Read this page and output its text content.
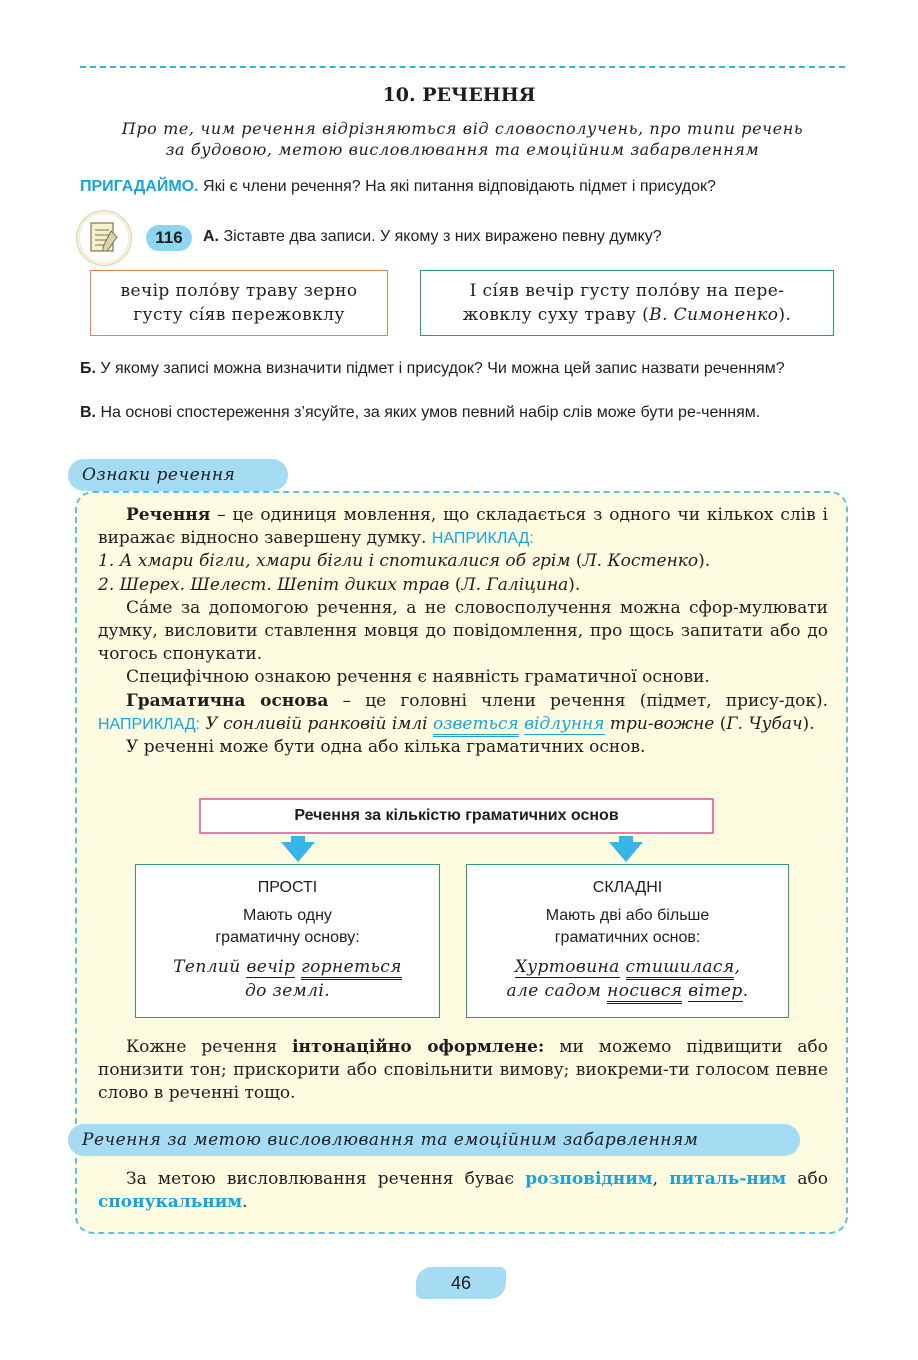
10. РЕЧЕННЯ
Про те, чим речення відрізняються від словосполучень, про типи речень
за будовою, метою висловлювання та емоційним забарвленням
ПРИГАДАЙМО. Які є члени речення? На які питання відповідають підмет і присудок?
116	А. Зіставте два записи. У якому з них виражено певну думку?
вечір поло́ву траву зерно
густу сі́яв пережовклу
І сі́яв вечір густу поло́ву на пере-
жовклу суху траву (В. Симоненко).
Б. У якому записі можна визначити підмет і присудок? Чи можна цей запис назвати реченням?
В. На основі спостереження з’ясуйте, за яких умов певний набір слів може бути ре-ченням.
Ознаки речення

Речення – це одиниця мовлення, що складається з одного чи кількох слів і виражає відносно завершену думку. НАПРИКЛАД:

1. А хмари бігли, хмари бігли і спотикалися об грім (Л. Костенко).

2. Шерех. Шелест. Шепіт диких трав (Л. Галіцина).

Са́ме за допомогою речення, а не словосполучення можна сфор-мулювати думку, висловити ставлення мовця до повідомлення, про щось запитати або до чогось спонукати.

Специфічною ознакою речення є наявність граматичної основи.

Граматична основа – це головні члени речення (підмет, прису-док). НАПРИКЛАД: У сонливій ранковій імлі озветься відлуння три-вожне (Г. Чубач).

У реченні може бути одна або кілька граматичних основ.

Речення за кількістю граматичних основ
ПРОСТІ
Мають одну
граматичну основу:
Теплий вечір горнеться
до землі.
СКЛАДНІ
Мають дві або більше
граматичних основ:
Хуртовина стишилася,
але садом носився вітер.

Кожне речення інтонаційно оформлене: ми можемо підвищити або понизити тон; прискорити або сповільнити вимову; виокреми-ти голосом певне слово в реченні тощо.

Речення за метою висловлювання та емоційним забарвленням

За метою висловлювання речення буває розповідним, питаль-ним або спонукальним.

46
